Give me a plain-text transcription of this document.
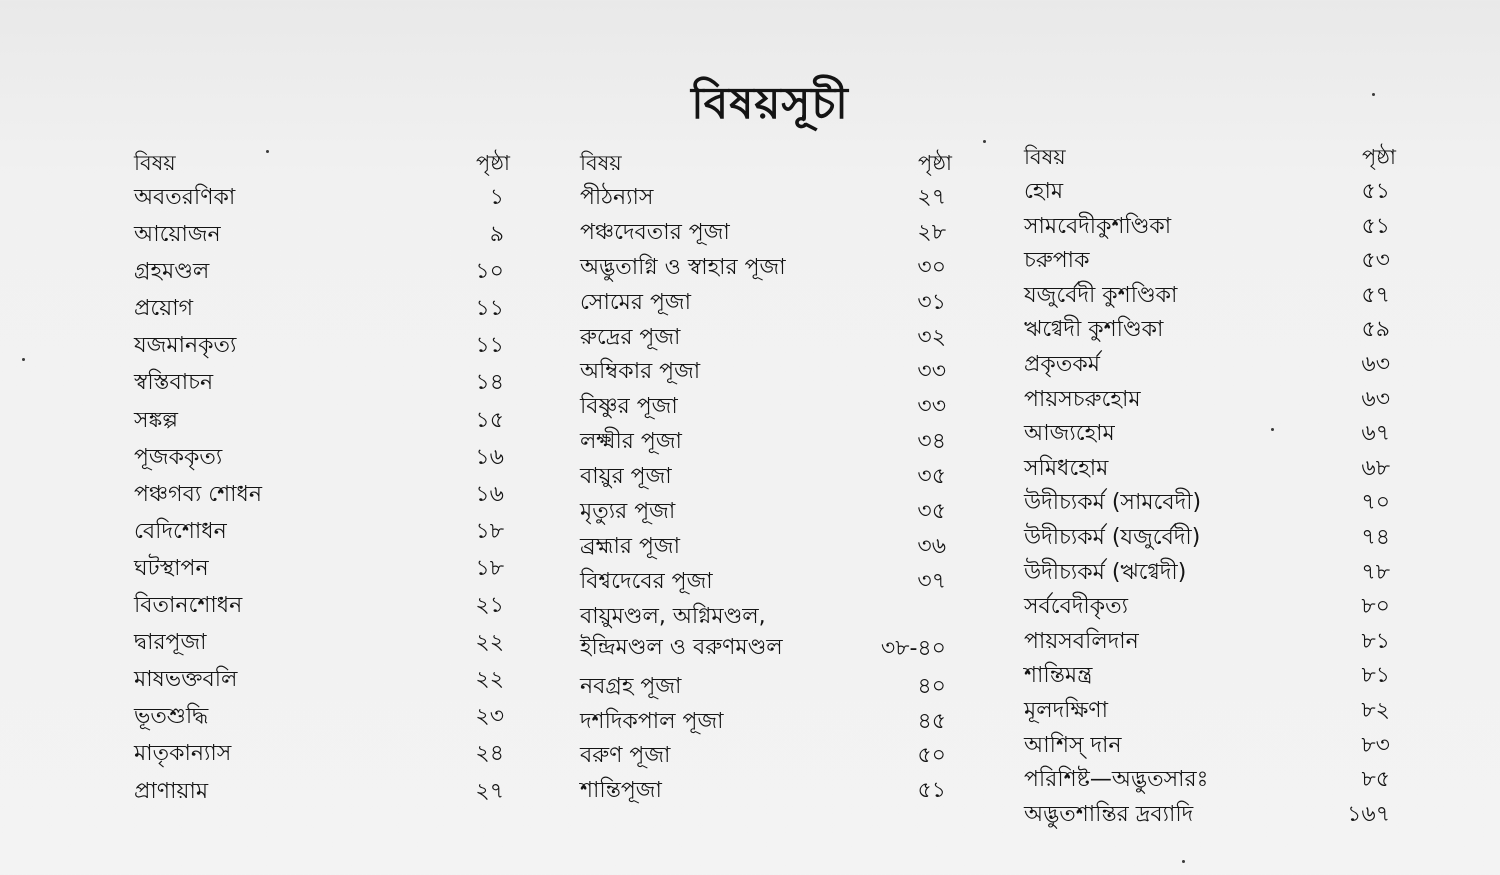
বিষয়সূচী
বিষয়	পৃষ্ঠা
অবতরণিকা	১
আয়োজন	৯
গ্রহমণ্ডল	১০
প্রয়োগ	১১
যজমানকৃত্য	১১
স্বস্তিবাচন	১৪
সঙ্কল্প	১৫
পূজককৃত্য	১৬
পঞ্চগব্য শোধন	১৬
বেদিশোধন	১৮
ঘটস্থাপন	১৮
বিতানশোধন	২১
দ্বারপূজা	২২
মাষভক্তবলি	২২
ভূতশুদ্ধি	২৩
মাতৃকান্যাস	২৪
প্রাণায়াম	২৭
বিষয়	পৃষ্ঠা
পীঠন্যাস	২৭
পঞ্চদেবতার পূজা	২৮
অদ্ভুতাগ্নি ও স্বাহার পূজা	৩০
সোমের পূজা	৩১
রুদ্রের পূজা	৩২
অম্বিকার পূজা	৩৩
বিষ্ণুর পূজা	৩৩
লক্ষ্মীর পূজা	৩৪
বায়ুর পূজা	৩৫
মৃত্যুর পূজা	৩৫
ব্রহ্মার পূজা	৩৬
বিশ্বদেবের পূজা	৩৭
বায়ুমণ্ডল, অগ্নিমণ্ডল,
ইন্দ্রিমণ্ডল ও বরুণমণ্ডল	৩৮-৪০
নবগ্রহ পূজা	৪০
দশদিকপাল পূজা	৪৫
বরুণ পূজা	৫০
শান্তিপূজা	৫১
বিষয়	পৃষ্ঠা
হোম	৫১
সামবেদীকুশণ্ডিকা	৫১
চরুপাক	৫৩
যজুর্বেদী কুশণ্ডিকা	৫৭
ঋগ্বেদী কুশণ্ডিকা	৫৯
প্রকৃতকর্ম	৬৩
পায়সচরুহোম	৬৩
আজ্যহোম	৬৭
সমিধহোম	৬৮
উদীচ্যকর্ম (সামবেদী)	৭০
উদীচ্যকর্ম (যজুর্বেদী)	৭৪
উদীচ্যকর্ম (ঋগ্বেদী)	৭৮
সর্ববেদীকৃত্য	৮০
পায়সবলিদান	৮১
শান্তিমন্ত্র	৮১
মূলদক্ষিণা	৮২
আশিস্‌ দান	৮৩
পরিশিষ্ট—অদ্ভুতসারঃ	৮৫
অদ্ভুতশান্তির দ্রব্যাদি	১৬৭
